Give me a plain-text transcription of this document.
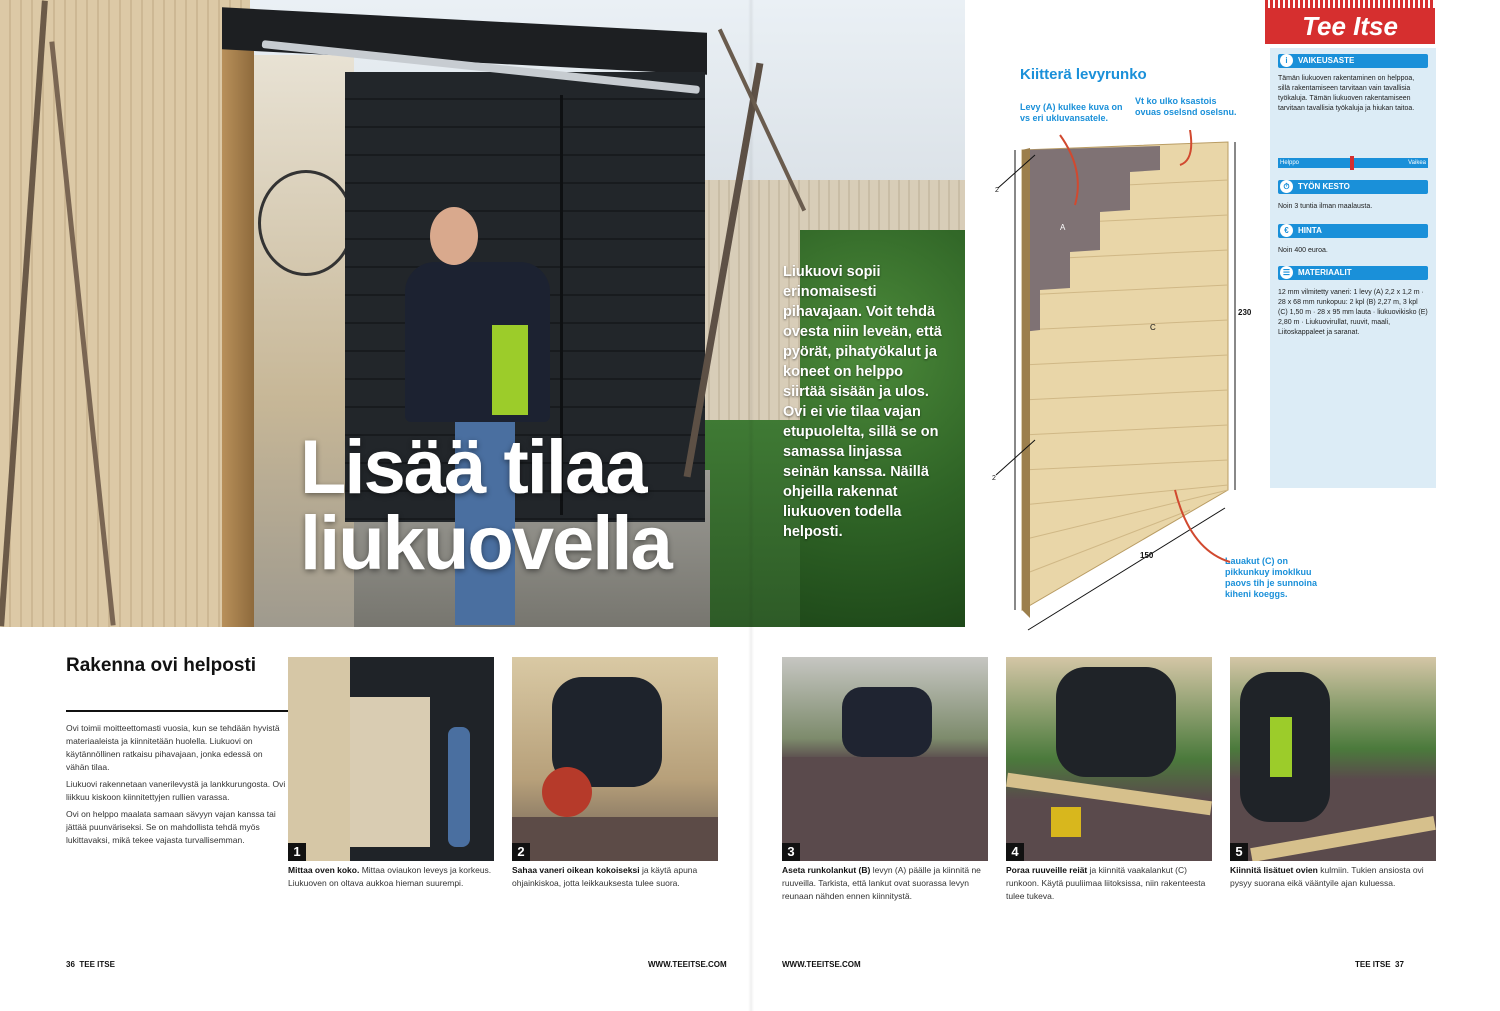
Lisää tilaa
liukuovella
Liukuovi sopii erinomaisesti pihavajaan. Voit tehdä ovesta niin leveän, että pyörät, pihatyökalut ja koneet on helppo siirtää sisään ja ulos. Ovi ei vie tilaa vajan etupuolelta, sillä se on samassa linjassa seinän kanssa. Näillä ohjeilla rakennat liukuoven todella helposti.
Kiitterä levyrunko
Levy (A) kulkee kuva on vs eri ukluvansatele.
Vt ko ulko ksastois ovuas oselsnd oselsnu.
Lauakut (C) on pikkunkuy imoklkuu paovs tih je sunnoina kiheni koeggs.
A
C
230
150
2
2
Tee Itse
i	VAIKEUSASTE
Tämän liukuoven rakentaminen on helppoa, sillä rakentamiseen tarvitaan vain tavallisia työkaluja. Tämän liukuoven rakentamiseen tarvitaan tavallisia työkaluja ja hiukan taitoa.
Helppo	Vaikea
⏱	TYÖN KESTO
Noin 3 tuntia ilman maalausta.
€	HINTA
Noin 400 euroa.
☰ MATERIAALIT
12 mm vilmitetty vaneri: 1 levy (A) 2,2 x 1,2 m · 28 x 68 mm runkopuu: 2 kpl (B) 2,27 m, 3 kpl (C) 1,50 m · 28 x 95 mm lauta · liukuovikisko (E) 2,80 m · Liukuovirullat, ruuvit, maali, Liitoskappaleet ja saranat.
Rakenna ovi helposti

Ovi toimii moitteettomasti vuosia, kun se tehdään hyvistä materiaaleista ja kiinnitetään huolella. Liukuovi on käytännöllinen ratkaisu pihavajaan, jonka edessä on vähän tilaa.

Liukuovi rakennetaan vanerilevystä ja lankkurungosta. Ovi liikkuu kiskoon kiinnitettyjen rullien varassa.

Ovi on helppo maalata samaan sävyyn vajan kanssa tai jättää puunväriseksi. Se on mahdollista tehdä myös lukittavaksi, mikä tekee vajasta turvallisemman.

1	2	3	4	5
Mittaa oven koko. Mittaa oviaukon leveys ja korkeus. Liukuoven on oltava aukkoa hieman suurempi.
Sahaa vaneri oikean kokoiseksi ja käytä apuna ohjainkiskoa, jotta leikkauksesta tulee suora.
Aseta runkolankut (B) levyn (A) päälle ja kiinnitä ne ruuveilla. Tarkista, että lankut ovat suorassa levyn reunaan nähden ennen kiinnitystä.
Poraa ruuveille reiät ja kiinnitä vaakalankut (C) runkoon. Käytä puuliimaa liitoksissa, niin rakenteesta tulee tukeva.
Kiinnitä lisätuet ovien kulmiin. Tukien ansiosta ovi pysyy suorana eikä vääntyile ajan kuluessa.
36 TEE ITSE	WWW.TEEITSE.COM	WWW.TEEITSE.COM	TEE ITSE 37
